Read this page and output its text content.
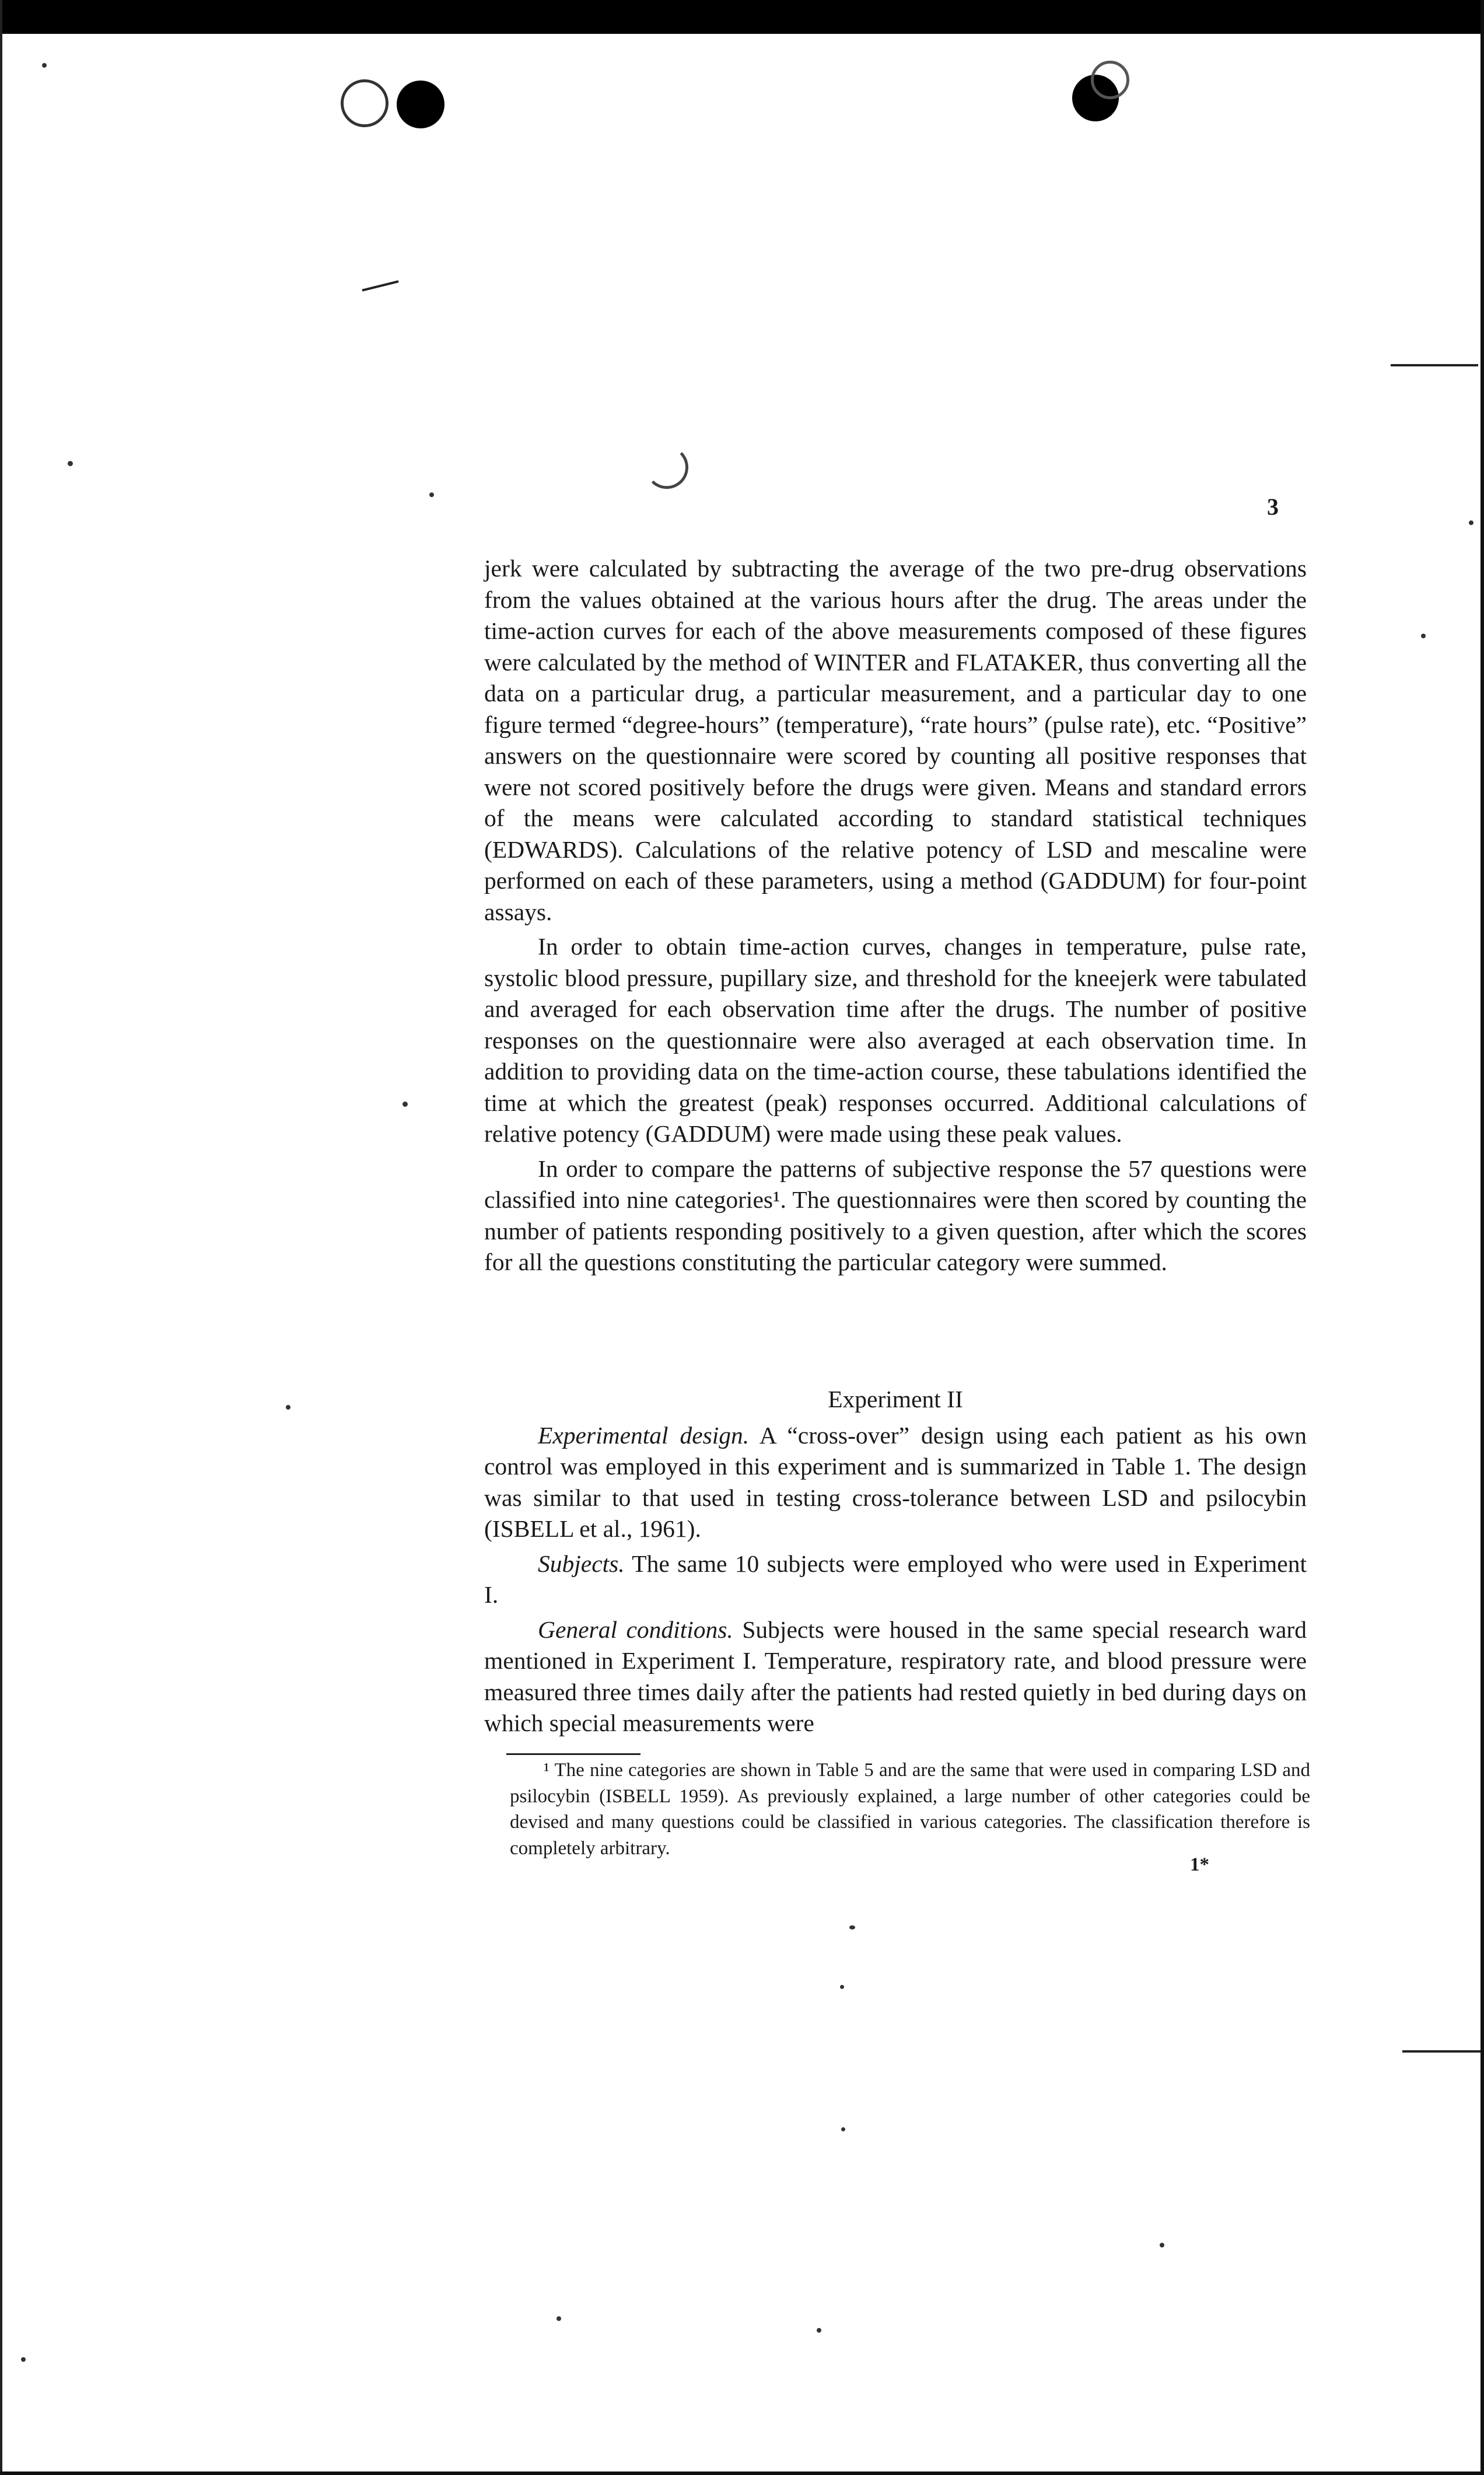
3

jerk were calculated by subtracting the average of the two pre-drug observations from the values obtained at the various hours after the drug. The areas under the time-action curves for each of the above measurements composed of these figures were calculated by the method of WINTER and FLATAKER, thus converting all the data on a particular drug, a particular measurement, and a particular day to one figure termed “degree-hours” (temperature), “rate hours” (pulse rate), etc. “Positive” answers on the questionnaire were scored by counting all positive responses that were not scored positively before the drugs were given. Means and standard errors of the means were calculated according to standard statistical techniques (EDWARDS). Calculations of the relative potency of LSD and mescaline were performed on each of these parameters, using a method (GADDUM) for four-point assays.

In order to obtain time-action curves, changes in temperature, pulse rate, systolic blood pressure, pupillary size, and threshold for the kneejerk were tabulated and averaged for each observation time after the drugs. The number of positive responses on the questionnaire were also averaged at each observation time. In addition to providing data on the time-action course, these tabulations identified the time at which the greatest (peak) responses occurred. Additional calculations of relative potency (GADDUM) were made using these peak values.

In order to compare the patterns of subjective response the 57 questions were classified into nine categories¹. The questionnaires were then scored by counting the number of patients responding positively to a given question, after which the scores for all the questions constituting the particular category were summed.

Experiment II

Experimental design. A “cross-over” design using each patient as his own control was employed in this experiment and is summarized in Table 1. The design was similar to that used in testing cross-tolerance between LSD and psilocybin (ISBELL et al., 1961).

Subjects. The same 10 subjects were employed who were used in Experiment I.

General conditions. Subjects were housed in the same special research ward mentioned in Experiment I. Temperature, respiratory rate, and blood pressure were measured three times daily after the patients had rested quietly in bed during days on which special measurements were

¹ The nine categories are shown in Table 5 and are the same that were used in comparing LSD and psilocybin (ISBELL 1959). As previously explained, a large number of other categories could be devised and many questions could be classified in various categories. The classification therefore is completely arbitrary.

1*
